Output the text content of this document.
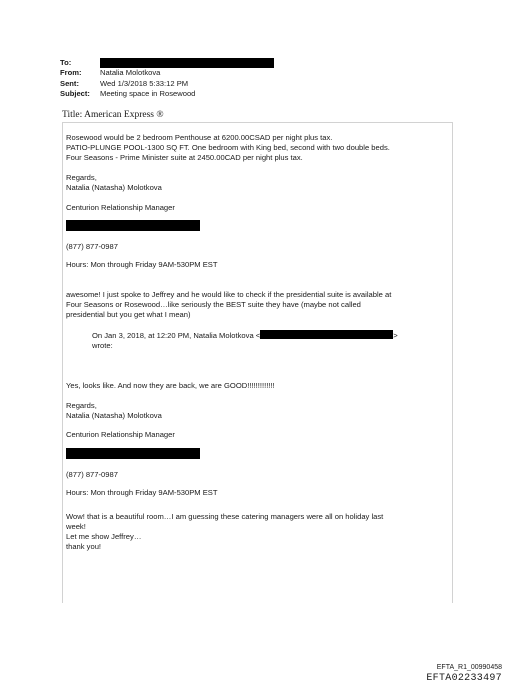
To:
From:	Natalia Molotkova
Sent:	Wed 1/3/2018 5:33:12 PM
Subject:	Meeting space in Rosewood
Title: American Express ®

Rosewood would be 2 bedroom Penthouse at 6200.00CSAD per night plus tax.

PATIO-PLUNGE POOL-1300 SQ FT. One bedroom with King bed, second with two double beds.

Four Seasons - Prime Minister suite at 2450.00CAD per night plus tax.

Regards,

Natalia (Natasha) Molotkova

Centurion Relationship Manager

(877) 877-0987

Hours: Mon through Friday 9AM-530PM EST

awesome! I just spoke to Jeffrey and he would like to check if the presidential suite is available at

Four Seasons or Rosewood…like seriously the BEST suite they have (maybe not called

presidential but you get what I mean)

On Jan 3, 2018, at 12:20 PM, Natalia Molotkova <	>

wrote:

Yes, looks like. And now they are back, we are GOOD!!!!!!!!!!!!!

Regards,

Natalia (Natasha) Molotkova

Centurion Relationship Manager

(877) 877-0987

Hours: Mon through Friday 9AM-530PM EST

Wow! that is a beautiful room…I am guessing these catering managers were all on holiday last

week!

Let me show Jeffrey…

thank you!

EFTA_R1_00990458
EFTA02233497
